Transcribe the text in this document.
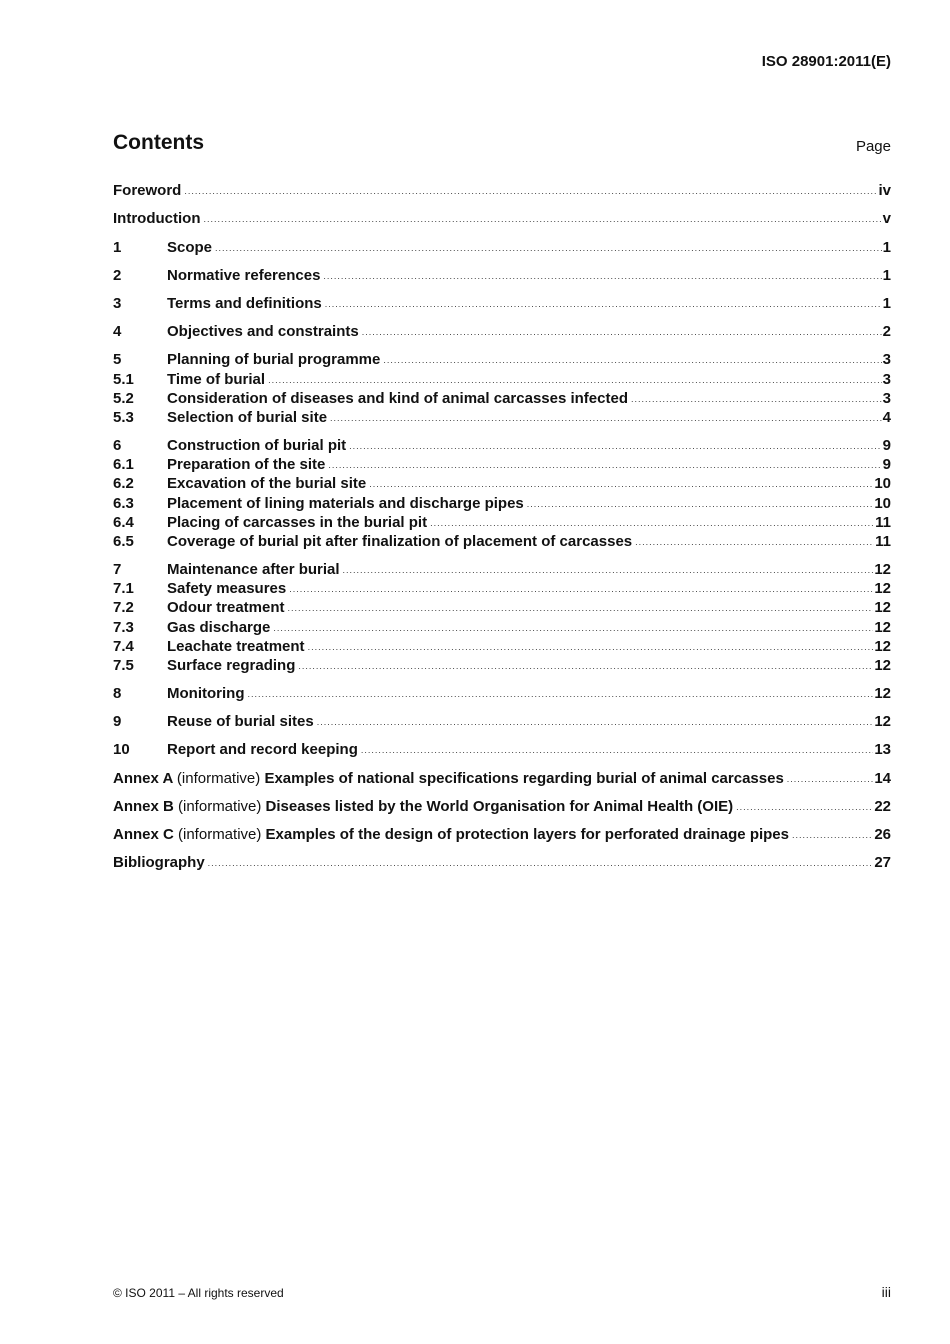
ISO 28901:2011(E)
Contents	Page
Foreword .....	iv
Introduction .....	v
1	Scope .....	1
2	Normative references .....	1
3	Terms and definitions .....	1
4	Objectives and constraints .....	2
5	Planning of burial programme .....	3
5.1	Time of burial .....	3
5.2	Consideration of diseases and kind of animal carcasses infected .....	3
5.3	Selection of burial site .....	4
6	Construction of burial pit .....	9
6.1	Preparation of the site .....	9
6.2	Excavation of the burial site .....	10
6.3	Placement of lining materials and discharge pipes .....	10
6.4	Placing of carcasses in the burial pit .....	11
6.5	Coverage of burial pit after finalization of placement of carcasses .....	11
7	Maintenance after burial .....	12
7.1	Safety measures .....	12
7.2	Odour treatment .....	12
7.3	Gas discharge .....	12
7.4	Leachate treatment .....	12
7.5	Surface regrading .....	12
8	Monitoring .....	12
9	Reuse of burial sites .....	12
10	Report and record keeping .....	13
Annex A (informative) Examples of national specifications regarding burial of animal carcasses .....	14
Annex B (informative) Diseases listed by the World Organisation for Animal Health (OIE) .....	22
Annex C (informative) Examples of the design of protection layers for perforated drainage pipes .....	26
Bibliography .....	27
© ISO 2011 – All rights reserved	iii
